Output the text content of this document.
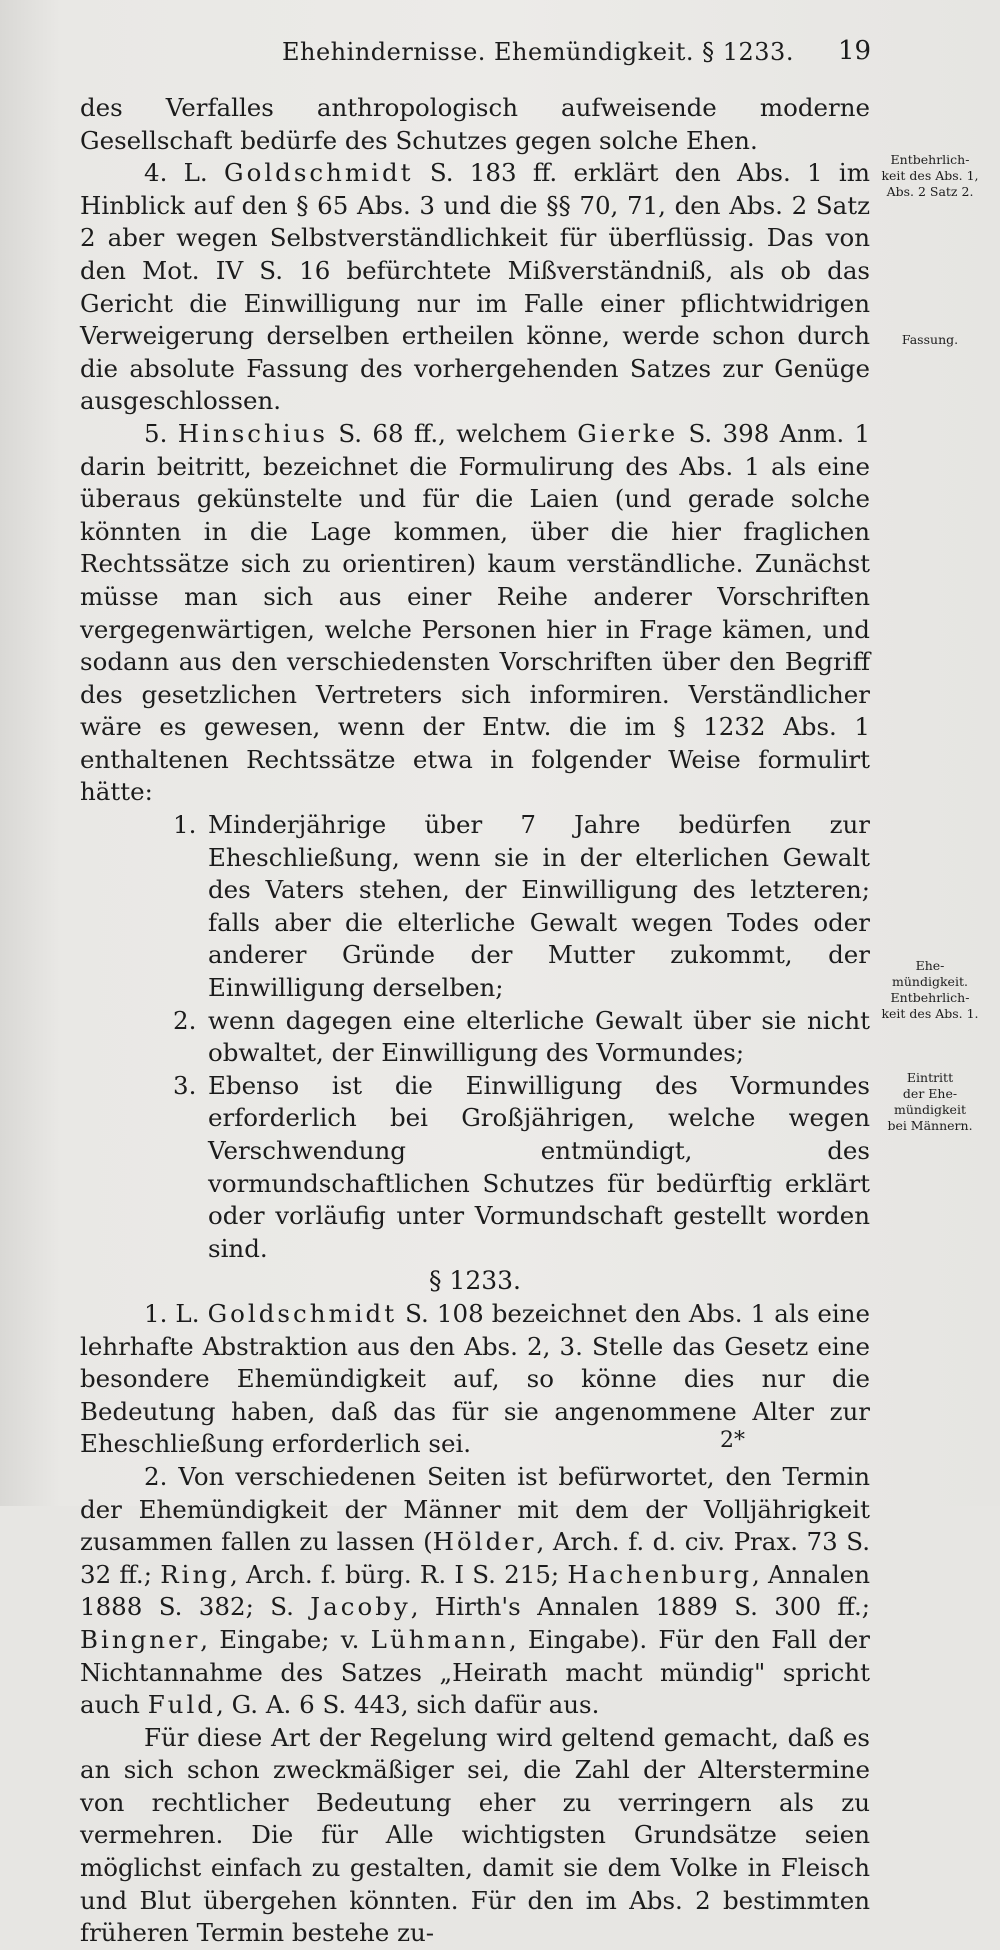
Ehehindernisse. Ehemündigkeit. § 1233. 19

des Verfalles anthropologisch aufweisende moderne Gesellschaft bedürfe des Schutzes gegen solche Ehen.

4. L. Goldschmidt S. 183 ff. erklärt den Abs. 1 im Hinblick auf den § 65 Abs. 3 und die §§ 70, 71, den Abs. 2 Satz 2 aber wegen Selbstverständlichkeit für überflüssig. Das von den Mot. IV S. 16 befürchtete Mißverständniß, als ob das Gericht die Einwilligung nur im Falle einer pflichtwidrigen Verweigerung derselben ertheilen könne, werde schon durch die absolute Fassung des vorhergehenden Satzes zur Genüge ausgeschlossen.

5. Hinschius S. 68 ff., welchem Gierke S. 398 Anm. 1 darin beitritt, bezeichnet die Formulirung des Abs. 1 als eine überaus gekünstelte und für die Laien (und gerade solche könnten in die Lage kommen, über die hier fraglichen Rechtssätze sich zu orientiren) kaum verständliche. Zunächst müsse man sich aus einer Reihe anderer Vorschriften vergegenwärtigen, welche Personen hier in Frage kämen, und sodann aus den verschiedensten Vorschriften über den Begriff des gesetzlichen Vertreters sich informiren. Verständlicher wäre es gewesen, wenn der Entw. die im § 1232 Abs. 1 enthaltenen Rechtssätze etwa in folgender Weise formulirt hätte:

1. Minderjährige über 7 Jahre bedürfen zur Eheschließung, wenn sie in der elterlichen Gewalt des Vaters stehen, der Einwilligung des letzteren; falls aber die elterliche Gewalt wegen Todes oder anderer Gründe der Mutter zukommt, der Einwilligung derselben;
2. wenn dagegen eine elterliche Gewalt über sie nicht obwaltet, der Einwilligung des Vormundes;
3. Ebenso ist die Einwilligung des Vormundes erforderlich bei Großjährigen, welche wegen Verschwendung entmündigt, des vormundschaftlichen Schutzes für bedürftig erklärt oder vorläufig unter Vormundschaft gestellt worden sind.

§ 1233.

1. L. Goldschmidt S. 108 bezeichnet den Abs. 1 als eine lehrhafte Abstraktion aus den Abs. 2, 3. Stelle das Gesetz eine besondere Ehemündigkeit auf, so könne dies nur die Bedeutung haben, daß das für sie angenommene Alter zur Eheschließung erforderlich sei.

2. Von verschiedenen Seiten ist befürwortet, den Termin der Ehemündigkeit der Männer mit dem der Volljährigkeit zusammen fallen zu lassen (Hölder, Arch. f. d. civ. Prax. 73 S. 32 ff.; Ring, Arch. f. bürg. R. I S. 215; Hachenburg, Annalen 1888 S. 382; S. Jacoby, Hirth's Annalen 1889 S. 300 ff.; Bingner, Eingabe; v. Lühmann, Eingabe). Für den Fall der Nichtannahme des Satzes „Heirath macht mündig" spricht auch Fuld, G. A. 6 S. 443, sich dafür aus.

Für diese Art der Regelung wird geltend gemacht, daß es an sich schon zweckmäßiger sei, die Zahl der Alterstermine von rechtlicher Bedeutung eher zu verringern als zu vermehren. Die für Alle wichtigsten Grundsätze seien möglichst einfach zu gestalten, damit sie dem Volke in Fleisch und Blut übergehen könnten. Für den im Abs. 2 bestimmten früheren Termin bestehe zu-

Entbehrlich-
keit des Abs. 1,
Abs. 2 Satz 2.
Fassung.
Ehe-
mündigkeit.
Entbehrlich-
keit des Abs. 1.
Eintritt
der Ehe-
mündigkeit
bei Männern.
2*
